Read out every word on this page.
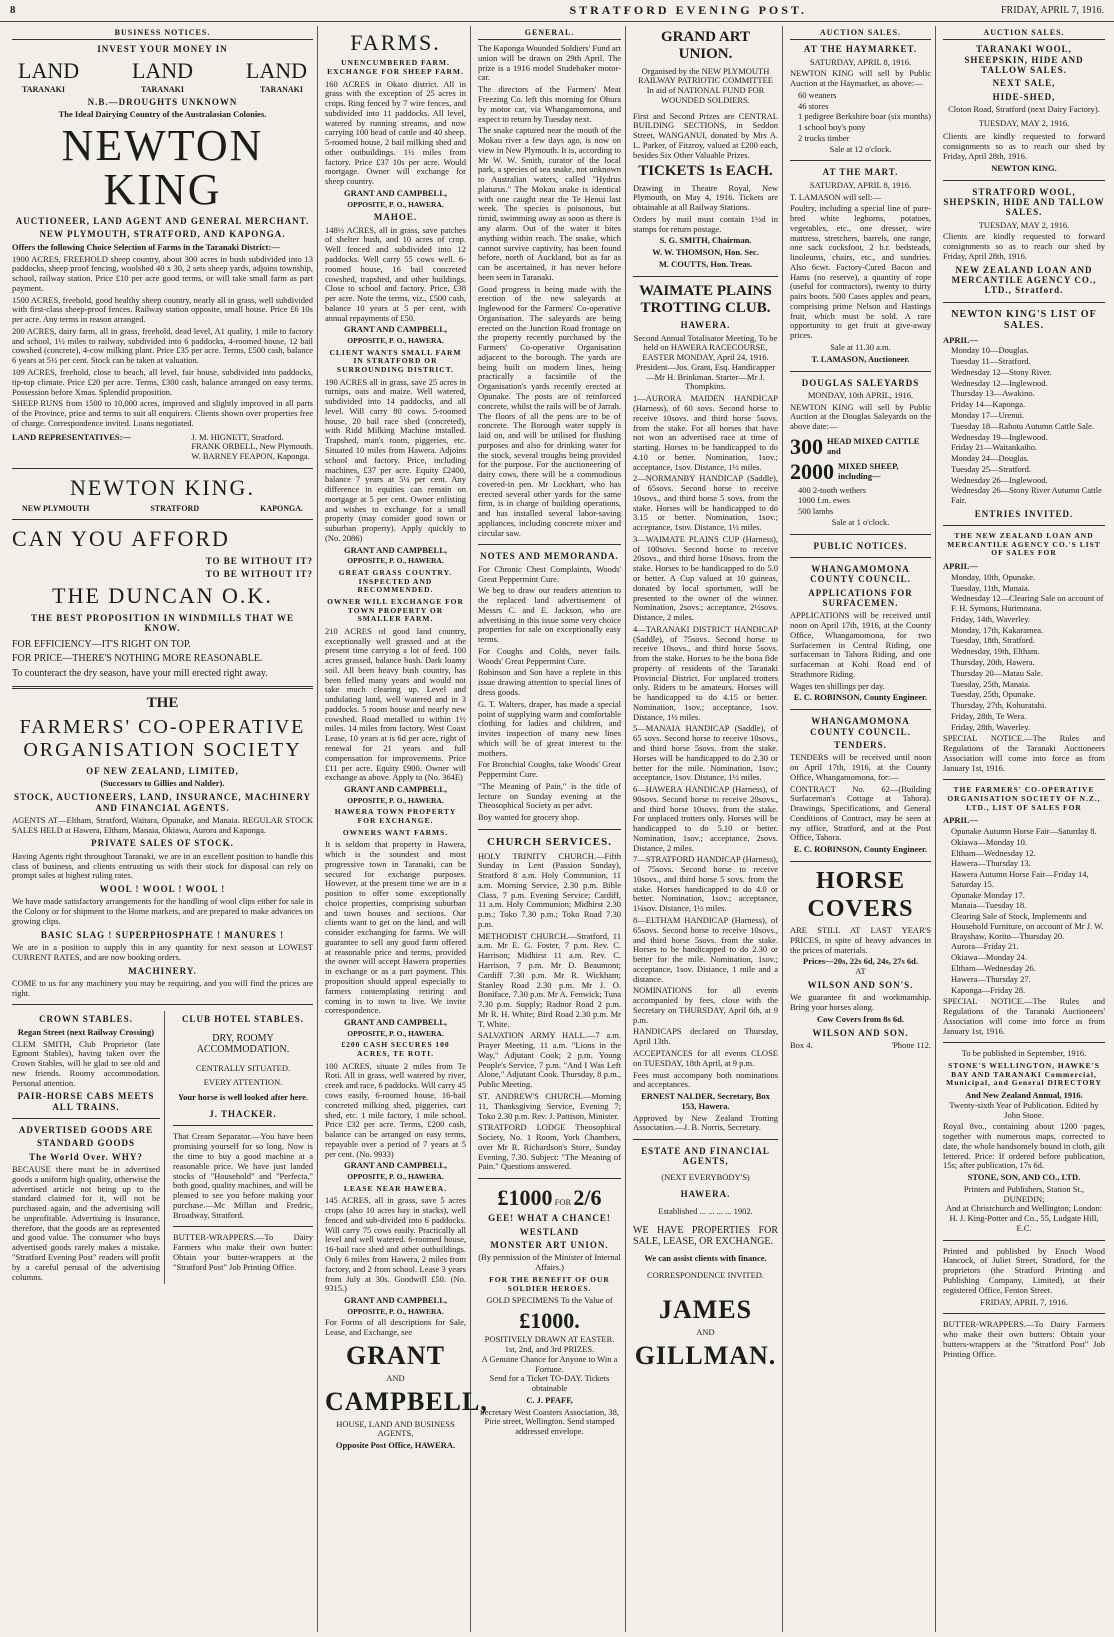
8	STRATFORD EVENING POST.	FRIDAY, APRIL 7, 1916.
BUSINESS NOTICES.
INVEST YOUR MONEY IN
LAND LAND LAND
TARANAKI	TARANAKI	TARANAKI
N.B.—DROUGHTS UNKNOWN
The Ideal Dairying Country of the Australasian Colonies.
NEWTON KING
AUCTIONEER, LAND AGENT AND GENERAL MERCHANT.
NEW PLYMOUTH, STRATFORD, AND KAPONGA.
Offers the following Choice Selection of Farms in the Taranaki District:—
1900 ACRES, FREEHOLD sheep country, about 300 acres in bush subdivided into 13 paddocks, sheep proof fencing, woolshed 40 x 30, 2 sets sheep yards, adjoins township, school, railway station. Price £10 per acre good terms, or will take small farm as part payment.
1500 ACRES, freehold, good healthy sheep country, nearly all in grass, well subdivided with first-class sheep-proof fences. Railway station opposite, small house. Price £6 10s per acre. Any terms in reason arranged.
200 ACRES, dairy farm, all in grass, freehold, dead level, A1 quality, 1 mile to factory and school, 1½ miles to railway, subdivided into 6 paddocks, 4-roomed house, 12 bail cowshed (concrete), 4-cow milking plant. Price £35 per acre. Terms, £500 cash, balance 6 years at 5½ per cent. Stock can be taken at valuation.
109 ACRES, freehold, close to beach, all level, fair house, subdivided into paddocks, tip-top climate. Price £20 per acre. Terms, £300 cash, balance arranged on easy terms. Possession before Xmas. Splendid proposition.
SHEEP RUNS from 1500 to 10,000 acres, improved and slightly improved in all parts of the Province, price and terms to suit all enquirers. Clients shown over properties free of charge. Correspondence invited. Loans negotiated.
LAND REPRESENTATIVES:—	J. M. HIGNETT, Stratford.
FRANK ORBELL, New Plymouth.
W. BARNEY FEAPON, Kaponga.
NEWTON KING.
NEW PLYMOUTH	STRATFORD	KAPONGA.
CAN YOU AFFORD
TO BE WITHOUT IT?
TO BE WITHOUT IT?
THE DUNCAN O.K.
THE BEST PROPOSITION IN WINDMILLS THAT WE KNOW.
FOR EFFICIENCY—IT'S RIGHT ON TOP.
FOR PRICE—THERE'S NOTHING MORE REASONABLE.
To counteract the dry season, have your mill erected right away.
THE
FARMERS' CO-OPERATIVE ORGANISATION SOCIETY
OF NEW ZEALAND, LIMITED,
(Successors to Gillies and Nalder).
STOCK, AUCTIONEERS, LAND, INSURANCE, MACHINERY AND FINANCIAL AGENTS.
AGENTS AT—Eltham, Stratford, Waitara, Opunake, and Manaia. REGULAR STOCK SALES HELD at Hawera, Eltham, Manaia, Okiawa, Aurora and Kaponga.
PRIVATE SALES OF STOCK.
Having Agents right throughout Taranaki, we are in an excellent position to handle this class of business, and clients entrusting us with their stock for disposal can rely on prompt sales at highest ruling rates.
WOOL ! WOOL ! WOOL !
We have made satisfactory arrangements for the handling of wool clips either for sale in the Colony or for shipment to the Home markets, and are prepared to make advances on growing clips.
BASIC SLAG ! SUPERPHOSPHATE ! MANURES !
We are in a position to supply this in any quantity for next season at LOWEST CURRENT RATES, and are now booking orders.
MACHINERY.
COME to us for any machinery you may be requiring, and you will find the prices are right.
CROWN STABLES.
Regan Street (next Railway Crossing)
CLEM SMITH, Club Proprietor (late Egmont Stables), having taken over the Crown Stables, will be glad to see old and new friends. Roomy accommodation. Personal attention.
PAIR-HORSE CABS MEETS ALL TRAINS.
ADVERTISED GOODS ARE
STANDARD GOODS
The World Over. WHY?
BECAUSE there must be in advertised goods a uniform high quality, otherwise the advertised article not being up to the standard claimed for it, will not be purchased again, and the advertising will be unprofitable. Advertising is Insurance, therefore, that the goods are as represented and good value. The consumer who buys advertised goods rarely makes a mistake. "Stratford Evening Post" readers will profit by a careful perusal of the advertising columns.
CLUB HOTEL STABLES.
DRY, ROOMY ACCOMMODATION.
CENTRALLY SITUATED.
EVERY ATTENTION.
Your horse is well looked after here.
J. THACKER.
That Cream Separator.—You have been promising yourself for so long. Now is the time to buy a good machine at a reasonable price. We have just landed stocks of "Household" and "Perfecta," both good, quality machines, and will be pleased to see you before making your purchase.—Mc Millan and Fredric, Broadway, Stratford.
BUTTER-WRAPPERS.—To Dairy Farmers who make their own butter: Obtain your butter-wrappers at the "Stratford Post" Job Printing Office.
FARMS.
UNENCUMBERED FARM. EXCHANGE FOR SHEEP FARM.
160 ACRES in Okato district. All in grass with the exception of 25 acres in crops. Ring fenced by 7 wire fences, and subdivided into 11 paddocks. All level, watered by running streams, and now carrying 100 head of cattle and 40 sheep. 5-roomed house, 2 bail milking shed and other outbuildings. 1½ miles from factory. Price £37 10s per acre. Would mortgage. Owner will exchange for sheep country.
GRANT AND CAMPBELL,
OPPOSITE, P. O., HAWERA.
MAHOE.
148½ ACRES, all in grass, save patches of shelter bush, and 10 acres of crop. Well fenced and subdivided into 12 paddocks. Well carry 55 cows well. 6-roomed house, 16 bail concreted cowshed, trapshed, and other buildings. Close to school and factory. Price, £38 per acre. Note the terms, viz., £500 cash, balance 10 years at 5 per cent, with annual repayments of £50.
GRANT AND CAMPBELL,
OPPOSITE, P. O., HAWERA.
CLIENT WANTS SMALL FARM IN STRATFORD OR SURROUNDING DISTRICT.
190 ACRES all in grass, save 25 acres in turnips, oats and maize. Well watered, subdivided into 14 paddocks, and all level. Will carry 80 cows. 5-roomed house, 20 bail race shed (concreted), with Ridd Milking Machine installed. Trapshed, man's room, piggeries, etc. Situated 10 miles from Hawera. Adjoins school and factory. Price, including machines, £37 per acre. Equity £2400, balance 7 years at 5¼ per cent. Any difference in equities can remain on mortgage at 5 per cent. Owner enlisting and wishes to exchange for a small property (may consider good town or suburban property). Apply quickly to (No. 2086)
GRANT AND CAMPBELL,
OPPOSITE, P. O., HAWERA.
GREAT GRASS COUNTRY. INSPECTED AND RECOMMENDED.
OWNER WILL EXCHANGE FOR TOWN PROPERTY OR SMALLER FARM.
210 ACRES of good land country, exceptionally well grassed and at the present time carrying a lot of feed. 100 acres grassed, balance bush. Dark loamy soil. All been heavy bush country, has been felled many years and would not take much clearing up. Level and undulating land, well watered and in 3 paddocks. 5 room house and nearly new cowshed. Road metalled to within 1½ miles. 14 miles from factory. West Coast Lease, 10 years at is 6d per acre, right of renewal for 21 years and full compensation for improvements. Price £11 per acre. Equity £900. Owner will exchange as above. Apply to (No. 364E)
GRANT AND CAMPBELL,
OPPOSITE, P. O., HAWERA.
HAWERA TOWN PROPERTY FOR EXCHANGE.
OWNERS WANT FARMS.
It is seldom that property in Hawera, which is the soundest and most progressive town in Taranaki, can be secured for exchange purposes. However, at the present time we are in a position to offer some exceptionally choice properties, comprising suburban and town houses and sections. Our clients want to get on the land, and will consider exchanging for farms. We will guarantee to sell any good farm offered at reasonable price and terms, provided the owner will accept Hawera properties in exchange or as a part payment. This proposition should appeal especially to farmers contemplating retiring and coming in to town to live. We invite correspondence.
GRANT AND CAMPBELL,
OPPOSITE, P. O., HAWERA.
£200 CASH SECURES 100 ACRES, TE ROTI.
100 ACRES, situate 2 miles from Te Roti. All in grass, well watered by river, creek and race, 6 paddocks. Will carry 45 cows easily, 6-roomed house, 16-bail concreted milking shed, piggeries, cart shed, etc. 1 mile factory, 1 mile school. Price £32 per acre. Terms, £200 cash, balance can be arranged on easy terms, repayable over a period of 7 years at 5 per cent. (No. 9933)
GRANT AND CAMPBELL,
OPPOSITE, P. O., HAWERA.
LEASE NEAR HAWERA.
145 ACRES, all in grass, save 5 acres crops (also 10 acres hay in stacks), well fenced and sub-divided into 6 paddocks. Will carry 75 cows easily. Practically all level and well watered. 6-roomed house, 16-bail race shed and other outbuildings. Only 6 miles from Hawera, 2 miles from factory, and 2 from school. Lease 3 years from July at 30s. Goodwill £50. (No. 9315.)
GRANT AND CAMPBELL,
OPPOSITE, P. O., HAWERA.
For Forms of all descriptions for Sale, Lease, and Exchange, see
GRANT
AND
CAMPBELL,
HOUSE, LAND AND BUSINESS AGENTS,
Opposite Post Office, HAWERA.
GENERAL.
The Kaponga Wounded Soldiers' Fund art union will be drawn on 29th April. The prize is a 1916 model Studebaker motor-car.
The directors of the Farmers' Meat Freezing Co. left this morning for Ohura by motor car, via Whangamomona, and expect to return by Tuesday next.
The snake captured near the mouth of the Mokau river a few days ago, is now on view in New Plymouth. It is, according to Mr W. W. Smith, curator of the local park, a species of sea snake, not unknown to Australian waters, called "Hydrus platurus." The Mokau snake is identical with one caught near the Te Henui last week. The species is poisonous, but timid, swimming away as soon as there is any alarm. Out of the water it bites anything within reach. The snake, which cannot survive captivity, has been found before, north of Auckland, but as far as can be ascertained, it has never before been seen in Taranaki.
Good progress is being made with the erection of the new saleyards at Inglewood for the Farmers' Co-operative Organisation. The saleyards are being erected on the Junction Road frontage on the property recently purchased by the Farmers' Co-operative Organisation adjacent to the borough. The yards are being built on modern lines, being practically a facsimile of the Organisation's yards recently erected at Opunake. The posts are of reinforced concrete, whilst the rails will be of Jarrah. The floors of all the pens are to be of concrete. The Borough water supply is laid on, and will be utilised for flushing purposes and also for drinking water for the stock, several troughs being provided for the purpose. For the auctioneering of dairy cows, there will be a commodious covered-in pen. Mr Lockhart, who has erected several other yards for the same firm, is in charge of building operations, and has installed several labor-saving appliances, including concrete mixer and circular saw.
NOTES AND MEMORANDA.
For Chronic Chest Complaints, Woods' Great Peppermint Cure.
We beg to draw our readers attention to the replaced land advertisement of Messrs C. and E. Jackson, who are advertising in this issue some very choice properties for sale on exceptionally easy terms.
For Coughs and Colds, never fails. Woods' Great Peppermint Cure.
Robinson and Son have a replete in this issue drawing attention to special lines of dress goods.
G. T. Walters, draper, has made a special point of supplying warm and comfortable clothing for ladies and children, and invites inspection of many new lines which will be of great interest to the mothers.
For Bronchial Coughs, take Woods' Great Peppermint Cure.
"The Meaning of Pain," is the title of lecture on Sunday evening at the Theosophical Society as per advt.
Boy wanted for grocery shop.
CHURCH SERVICES.
HOLY TRINITY CHURCH.—Fifth Sunday in Lent (Passion Sunday), Stratford 8 a.m. Holy Communion, 11 a.m. Morning Service, 2.30 p.m. Bible Class, 7 p.m. Evening Service; Cardiff, 11 a.m. Holy Communion; Midhirst 2.30 p.m.; Toko 7.30 p.m.; Toko Road 7.30 p.m.
METHODIST CHURCH.—Stratford, 11 a.m. Mr E. G. Foster, 7 p.m. Rev. C. Harrison; Midhirst 11 a.m. Rev. C. Harrison, 7 p.m. Mr D. Beaumont; Cardiff 7.30 p.m. Mr R. Wickham; Stanley Road 2.30 p.m. Mr J. O. Boniface, 7.30 p.m. Mr A. Fenwick; Tuna 7.30 p.m. Supply; Radnor Road 2 p.m. Mr R. H. White; Bird Road 2.30 p.m. Mr T. White.
SALVATION ARMY HALL.—7 a.m. Prayer Meeting, 11 a.m. "Lions in the Way," Adjutant Cook; 2 p.m. Young People's Service, 7 p.m. "And I Was Left Alone," Adjutant Cook. Thursday, 8 p.m., Public Meeting.
ST. ANDREW'S CHURCH.—Morning 11, Thanksgiving Service, Evening 7; Toko 2.30 p.m. Rev. J. Pattison, Minister.
STRATFORD LODGE Theosophical Society, No. 1 Room, York Chambers, over Mr R. Richardson's Store, Sunday Evening, 7.30. Subject: "The Meaning of Pain." Questions answered.
£1000 FOR 2/6
GEE! WHAT A CHANCE!
WESTLAND
MONSTER ART UNION.
(By permission of the Minister of Internal Affairs.)
FOR THE BENEFIT OF OUR SOLDIER HEROES.
GOLD SPECIMENS To the Value of
£1000.
POSITIVELY DRAWN AT EASTER. 1st, 2nd, and 3rd PRIZES.
A Genuine Chance for Anyone to Win a Fortune.
Send for a Ticket TO-DAY. Tickets obtainable
C. J. PFAFF,
Secretary West Coasters Association, 38, Pirie street, Wellington. Send stamped addressed envelope.
GRAND ART UNION.
Organised by the NEW PLYMOUTH RAILWAY PATRIOTIC COMMITTEE
In aid of NATIONAL FUND FOR WOUNDED SOLDIERS.
First and Second Prizes are CENTRAL BUILDING SECTIONS, in Seddon Street, WANGANUI, donated by Mrs A. L. Parker, of Fitzroy, valued at £200 each, besides Six Other Valuable Prizes.
TICKETS 1s EACH.
Drawing in Theatre Royal, New Plymouth, on May 4, 1916. Tickets are obtainable at all Railway Stations.
Orders by mail must contain 1½d in stamps for return postage.
S. G. SMITH, Chairman.
W. W. THOMSON, Hon. Sec.
M. COUTTS, Hon. Treas.
WAIMATE PLAINS TROTTING CLUB.
HAWERA.
Second Annual Totalisator Meeting, To be held on HAWERA RACECOURSE, EASTER MONDAY, April 24, 1916.
President—Jos. Grant, Esq. Handicapper—Mr H. Brinkman. Starter—Mr J. Thompkins.
1—AURORA MAIDEN HANDICAP (Harness), of 60 sovs. Second horse to receive 10sovs. and third horse 5sovs. from the stake. For all horses that have not won an advertised race at time of starting. Horses to be handicapped to do 4.10 or better. Nomination, 1sov.; acceptance, 1sov. Distance, 1½ miles.
2—NORMANBY HANDICAP (Saddle), of 65sovs. Second horse to receive 10sovs., and third horse 5 sovs. from the stake. Horses will be handicapped to do 3.15 or better. Nomination, 1sov.; acceptance, 1sov. Distance, 1½ miles.
3—WAIMATE PLAINS CUP (Harness), of 100sovs. Second horse to receive 20sovs., and third horse 10sovs. from the stake. Horses to be handicapped to do 5.0 or better. A Cup valued at 10 guineas, donated by local sportsmen, will be presented to the owner of the winner. Nomination, 2sovs.; acceptance, 2½sovs. Distance, 2 miles.
4—TARANAKI DISTRICT HANDICAP (Saddle), of 75sovs. Second horse to receive 10sovs., and third horse 5sovs. from the stake. Horses to be the bona fide property of residents of the Taranaki Provincial District. For unplaced trotters only. Riders to be amateurs. Horses will be handicapped to do 4.15 or better. Nomination, 1sov.; acceptance, 1sov. Distance, 1½ miles.
5—MANAIA HANDICAP (Saddle), of 65 sovs. Second horse to receive 10sovs., and third horse 5sovs. from the stake. Horses will be handicapped to do 2.30 or better for the mile. Nomination, 1sov.; acceptance, 1sov. Distance, 1½ miles.
6—HAWERA HANDICAP (Harness), of 90sovs. Second horse to receive 20sovs., and third horse 10sovs. from the stake. For unplaced trotters only. Horses will be handicapped to do 5.10 or better. Nomination, 1sov.; acceptance, 2sovs. Distance, 2 miles.
7—STRATFORD HANDICAP (Harness), of 75sovs. Second horse to receive 10sovs., and third horse 5 sovs. from the stake. Horses handicapped to do 4.0 or better. Nomination, 1sov.; acceptance, 1¼sov. Distance, 1½ miles.
8—ELTHAM HANDICAP (Harness), of 65sovs. Second horse to receive 10sovs., and third horse 5sovs. from the stake. Horses to be handicapped to do 2.30 or better for the mile. Nomination, 1sov.; acceptance, 1sov. Distance, 1 mile and a distance.
NOMINATIONS for all events accompanied by fees, close with the Secretary on THURSDAY, April 6th, at 9 p.m.
HANDICAPS declared on Thursday, April 13th.
ACCEPTANCES for all events CLOSE on TUESDAY, 18th April, at 9 p.m.
Fees must accompany both nominations and acceptances.
ERNEST NALDER, Secretary, Box 153, Hawera.
Approved by New Zealand Trotting Association.—J. B. Norris, Secretary.
ESTATE AND FINANCIAL AGENTS,
(NEXT EVERYBODY'S)
HAWERA.
Established ... ... ... ... 1902.
WE HAVE PROPERTIES FOR SALE, LEASE, OR EXCHANGE.
We can assist clients with finance.
CORRESPONDENCE INVITED.
JAMES
AND
GILLMAN.
AUCTION SALES.
AT THE HAYMARKET.
SATURDAY, APRIL 8, 1916.
NEWTON KING will sell by Public Auction at the Haymarket, as above:—
60 weaners
46 stores
1 pedigree Berkshire boar (six months)
1 school boy's pony
2 trucks timber
Sale at 12 o'clock.
AT THE MART.
SATURDAY, APRIL 8, 1916.
T. LAMASON will sell:—
Poultry, including a special line of pure-bred white leghorns, potatoes, vegetables, etc., one dresser, wire mattress, stretchers, barrels, one range, one sack cocksfoot, 2 b.r. bedsteads, linoleums, chairs, etc., and sundries. Also 6cwt. Factory-Cured Bacon and Hams (no reserve), a quantity of rope (useful for contractors), twenty to thirty pairs boots. 500 Cases apples and pears, comprising prime Nelson and Hastings fruit, which must be sold. A rare opportunity to get fruit at give-away prices.
Sale at 11.30 a.m.
T. LAMASON, Auctioneer.
DOUGLAS SALEYARDS
MONDAY, 10th APRIL, 1916.
NEWTON KING will sell by Public Auction at the Douglas Saleyards on the above date:—
300 HEAD MIXED CATTLE and
2000 MIXED SHEEP, including—
400 2-tooth wethers
1000 f.m. ewes
500 lambs
Sale at 1 o'clock.
PUBLIC NOTICES.
WHANGAMOMONA COUNTY COUNCIL.
APPLICATIONS FOR SURFACEMEN.
APPLICATIONS will be received until noon on April 17th, 1916, at the County Office, Whangamomona, for two Surfacemen in Central Riding, one surfaceman in Tahora Riding, and one surfaceman at Kohi Road end of Strathmore Riding.
Wages ten shillings per day.
E. C. ROBINSON, County Engineer.
WHANGAMOMONA COUNTY COUNCIL.
TENDERS.
TENDERS will be received until noon on April 17th, 1916, at the County Office, Whangamomona, for:—
CONTRACT No. 62—(Building Surfaceman's Cottage at Tahora). Drawings, Specifications, and General Conditions of Contract, may be seen at my office, Stratford, and at the Post Office, Tahora.
E. C. ROBINSON, County Engineer.
HORSE COVERS
ARE STILL AT LAST YEAR'S PRICES, in spite of heavy advances in the prices of materials.
Prices—20s, 22s 6d, 24s, 27s 6d.
AT
WILSON AND SON'S.
We guarantee fit and workmanship. Bring your horses along.
Cow Covers from 8s 6d.
WILSON AND SON.
Box 4.	'Phone 112.
AUCTION SALES.
TARANAKI WOOL, SHEEPSKIN, HIDE AND TALLOW SALES.
NEXT SALE,
HIDE-SHED,
Cloton Road, Stratford (next Dairy Factory).
TUESDAY, MAY 2, 1916.
Clients are kindly requested to forward consignments so as to reach our shed by Friday, April 28th, 1916.
NEWTON KING.
STRATFORD WOOL, SHEPSKIN, HIDE AND TALLOW SALES.
TUESDAY, MAY 2, 1916.
Clients are kindly requested to forward consignments so as to reach our shed by Friday, April 28th, 1916.
NEW ZEALAND LOAN AND MERCANTILE AGENCY CO., LTD., Stratford.
NEWTON KING'S LIST OF SALES.
APRIL—
Monday 10—Douglas.
Tuesday 11—Stratford.
Wednesday 12—Stony River.
Wednesday 12—Inglewood.
Thursday 13—Awakino.
Friday 14—Kaponga.
Monday 17—Urenui.
Tuesday 18—Rahotu Autumn Cattle Sale.
Wednesday 19—Inglewood.
Friday 21—Waitankaiho.
Monday 24—Douglas.
Tuesday 25—Stratford.
Wednesday 26—Inglewood.
Wednesday 26—Stony River Autumn Cattle Fair.
ENTRIES INVITED.
THE NEW ZEALAND LOAN AND MERCANTILE AGENCY CO.'S LIST OF SALES FOR
APRIL—
Monday, 10th, Opunake.
Tuesday, 11th, Manaia.
Wednesday 12—Clearing Sale on account of F. H. Symons, Hurimoana.
Friday, 14th, Waverley.
Monday, 17th, Kakaramea.
Tuesday, 18th, Stratford.
Wednesday, 19th, Eltham.
Thursday, 20th, Hawera.
Thursday 20—Matau Sale.
Tuesday, 25th, Manaia.
Tuesday, 25th, Opunake.
Thursday, 27th, Kohuratahi.
Friday, 28th, Te Wera.
Friday, 28th, Waverley.
SPECIAL NOTICE.—The Rules and Regulations of the Taranaki Auctioneers Association will come into force as from January 1st, 1916.
THE FARMERS' CO-OPERATIVE ORGANISATION SOCIETY OF N.Z., LTD., LIST OF SALES FOR
APRIL—
Opunake Autumn Horse Fair—Saturday 8.
Okiawa—Monday 10.
Eltham—Wednesday 12.
Hawera—Thursday 13.
Hawera Autumn Horse Fair—Friday 14, Saturday 15.
Opunake Monday 17.
Manaia—Tuesday 18.
Clearing Sale of Stock, Implements and Household Furniture, on account of Mr J. W. Brayshaw, Korito—Thursday 20.
Aurora—Friday 21.
Okiawa—Monday 24.
Eltham—Wednesday 26.
Hawera—Thursday 27.
Kaponga—Friday 28.
SPECIAL NOTICE.—The Rules and Regulations of the Taranaki Auctioneers' Association will come into force as from January 1st, 1916.
To be published in September, 1916.
STONE'S WELLINGTON, HAWKE'S BAY AND TARANAKI Commercial, Municipal, and General DIRECTORY
And New Zealand Annual, 1916.
Twenty-sixth Year of Publication. Edited by John Stone.
Royal 8vo., containing about 1200 pages, together with numerous maps, corrected to date, the whole handsomely bound in cloth, gilt lettered. Price: If ordered before publication, 15s; after publication, 17s 6d.
STONE, SON, AND CO., LTD.
Printers and Publishers, Station St., DUNEDIN;
And at Christchurch and Wellington; London: H. J. King-Potter and Co., 55, Ludgate Hill, E.C.
Printed and published by Enoch Wood Hancock, of Juliet Street, Stratford, for the proprietors (the Stratford Printing and Publishing Company, Limited), at their registered Office, Fenton Street.
FRIDAY, APRIL 7, 1916.
BUTTER-WRAPPERS.—To Dairy Farmers who make their own butters: Obtain your butters-wrappers at the "Stratford Post" Job Printing Office.
